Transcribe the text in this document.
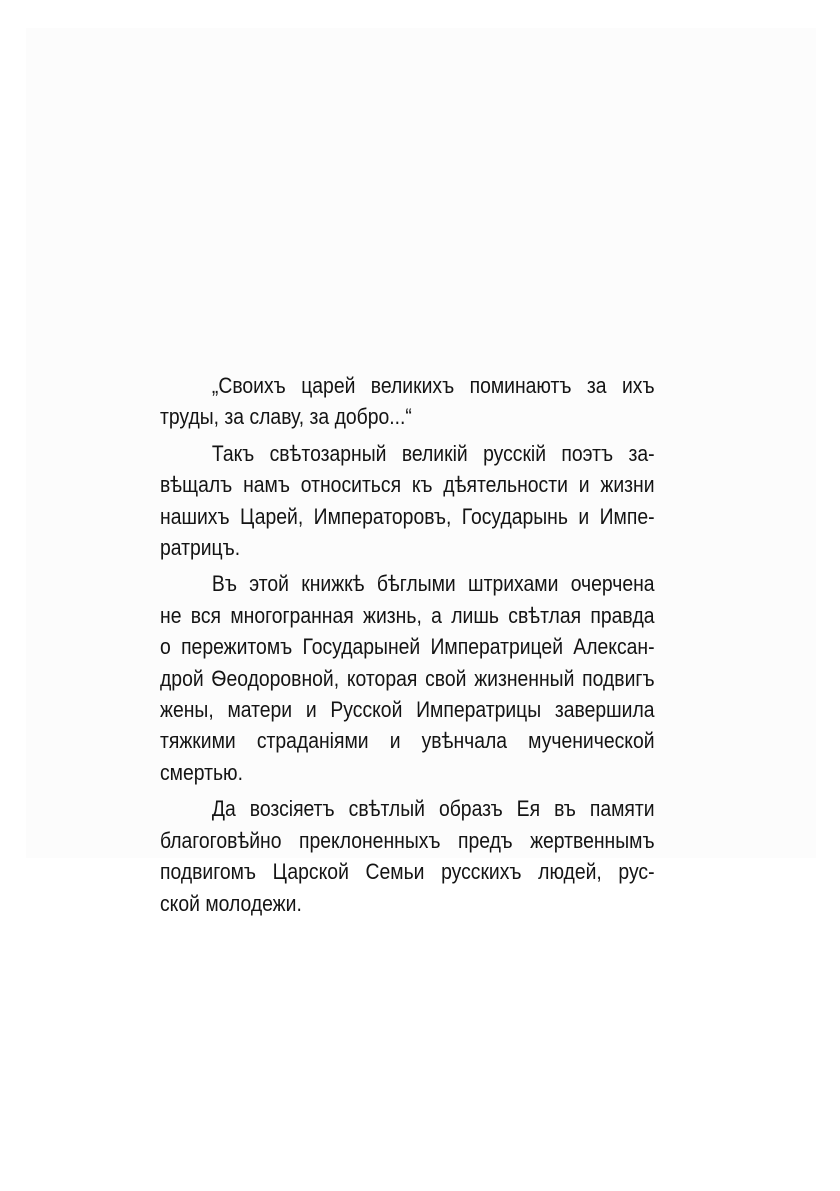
„Своихъ царей великихъ поминаютъ за ихъ
труды, за славу, за добро...“

Такъ свѣтозарный великій русскій поэтъ за-
вѣщалъ намъ относиться къ дѣятельности и жизни
нашихъ Царей, Императоровъ, Государынь и Импе-
ратрицъ.

Въ этой книжкѣ бѣглыми штрихами очерчена
не вся многогранная жизнь, а лишь свѣтлая правда
о пережитомъ Государыней Императрицей Алексан-
дрой Ѳеодоровной, которая свой жизненный подвигъ
жены, матери и Русской Императрицы завершила
тяжкими страданіями и увѣнчала мученической
смертью.

Да возсіяетъ свѣтлый образъ Ея въ памяти
благоговѣйно преклоненныхъ предъ жертвеннымъ
подвигомъ Царской Семьи русскихъ людей, рус-
ской молодежи.
